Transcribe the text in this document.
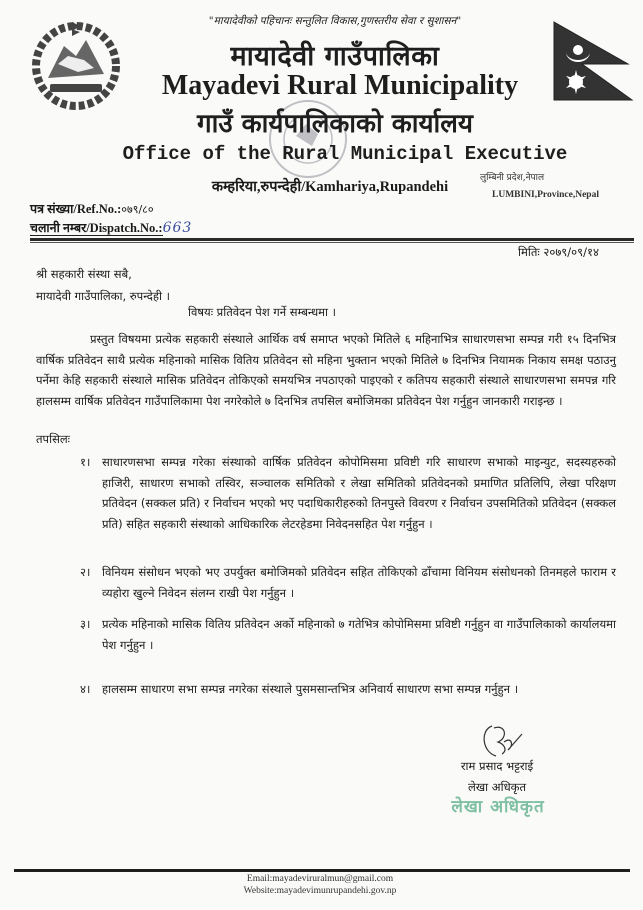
"मायादेवीको पहिचानः सन्तुलित विकास,गुणस्तरीय सेवा र सुशासन"
मायादेवी गाउँपालिका
Mayadevi Rural Municipality
गाउँ कार्यपालिकाको कार्यालय
Office of the Rural Municipal Executive
कम्हरिया,रुपन्देही/Kamhariya,Rupandehi
लुम्बिनी प्रदेश,नेपाल
LUMBINI,Province,Nepal
पत्र संख्या/Ref.No.:०७९/८०
चलानी नम्बर/Dispatch.No.:663
मितिः २०७९/०९/१४
श्री सहकारी संस्था सबै,
मायादेवी गाउँपालिका, रुपन्देही ।
विषयः प्रतिवेदन पेश गर्ने सम्बन्धमा ।
प्रस्तुत विषयमा प्रत्येक सहकारी संस्थाले आर्थिक वर्ष समाप्त भएको मितिले ६ महिनाभित्र साधारणसभा सम्पन्न गरी १५ दिनभित्र वार्षिक प्रतिवेदन साथै प्रत्येक महिनाको मासिक वितिय प्रतिवेदन सो महिना भुक्तान भएको मितिले ७ दिनभित्र नियामक निकाय समक्ष पठाउनु पर्नेमा केहि सहकारी संस्थाले मासिक प्रतिवेदन तोकिएको समयभित्र नपठाएको पाइएको र कतिपय सहकारी संस्थाले साधारणसभा समपन्न गरि हालसम्म वार्षिक प्रतिवेदन गाउँपालिकामा पेश नगरेकोले ७ दिनभित्र तपसिल बमोजिमका प्रतिवेदन पेश गर्नुहुन जानकारी गराइन्छ ।
तपसिलः
१। साधारणसभा सम्पन्न गरेका संस्थाको वार्षिक प्रतिवेदन कोपोमिसमा प्रविष्टी गरि साधारण सभाको माइन्युट, सदस्यहरुको हाजिरी, साधारण सभाको तस्विर, सञ्चालक समितिको र लेखा समितिको प्रतिवेदनको प्रमाणित प्रतिलिपि, लेखा परिक्षण प्रतिवेदन (सक्कल प्रति) र निर्वाचन भएको भए पदाधिकारीहरुको तिनपुस्ते विवरण र निर्वाचन उपसमितिको प्रतिवेदन (सक्कल प्रति) सहित सहकारी संस्थाको आधिकारिक लेटरहेडमा निवेदनसहित पेश गर्नुहुन ।
२। विनियम संसोधन भएको भए उपर्युक्त बमोजिमको प्रतिवेदन सहित तोकिएको ढाँचामा विनियम संसोधनको तिनमहले फाराम र व्यहोरा खुल्ने निवेदन संलग्न राखी पेश गर्नुहुन ।
३। प्रत्येक महिनाको मासिक वितिय प्रतिवेदन अर्को महिनाको ७ गतेभित्र कोपोमिसमा प्रविष्टी गर्नुहुन वा गाउँपालिकाको कार्यालयमा पेश गर्नुहुन ।
४। हालसम्म साधारण सभा सम्पन्न नगरेका संस्थाले पुसमसान्तभित्र अनिवार्य साधारण सभा सम्पन्न गर्नुहुन ।
राम प्रसाद भट्टराई
लेखा अधिकृत
लेखा अधिकृत
Email:mayadeviruralmun@gmail.com
Website:mayadevimunrupandehi.gov.np
